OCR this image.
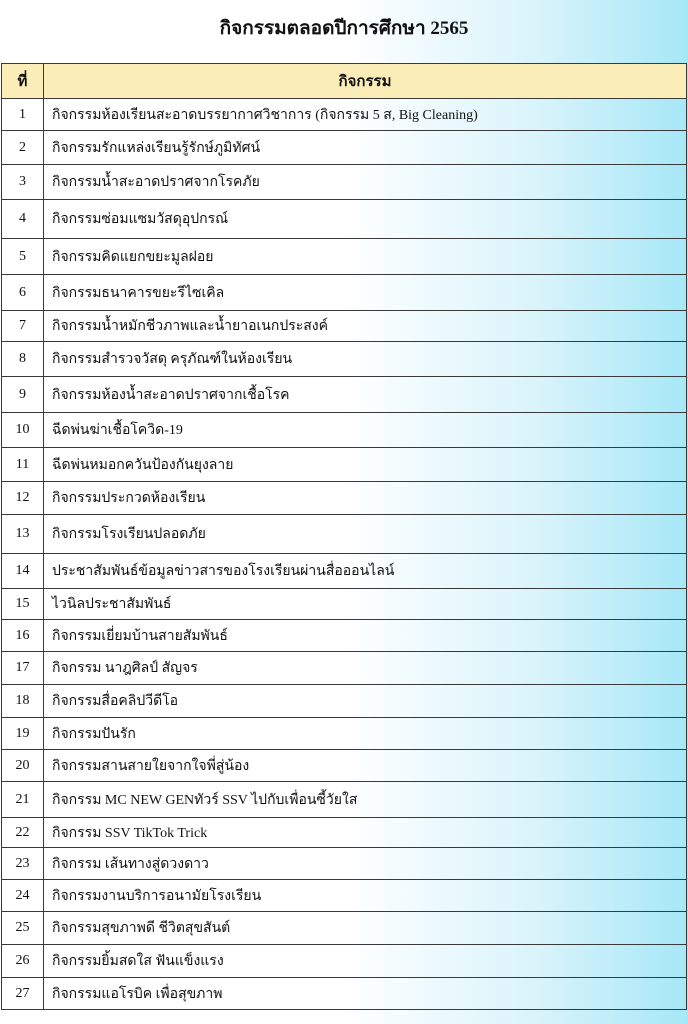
กิจกรรมตลอดปีการศึกษา 2565
ที่	กิจกรรม
1	กิจกรรมห้องเรียนสะอาดบรรยากาศวิชาการ (กิจกรรม 5 ส, Big Cleaning)
2	กิจกรรมรักแหล่งเรียนรู้รักษ์ภูมิทัศน์
3	กิจกรรมน้ำสะอาดปราศจากโรคภัย
4	กิจกรรมซ่อมแซมวัสดุอุปกรณ์
5	กิจกรรมคิดแยกขยะมูลฝอย
6	กิจกรรมธนาคารขยะรีไซเคิล
7	กิจกรรมน้ำหมักชีวภาพและน้ำยาอเนกประสงค์
8	กิจกรรมสำรวจวัสดุ ครุภัณฑ์ในห้องเรียน
9	กิจกรรมห้องน้ำสะอาดปราศจากเชื้อโรค
10	ฉีดพ่นฆ่าเชื้อโควิด-19
11	ฉีดพ่นหมอกควันป้องกันยุงลาย
12	กิจกรรมประกวดห้องเรียน
13	กิจกรรมโรงเรียนปลอดภัย
14	ประชาสัมพันธ์ข้อมูลข่าวสารของโรงเรียนผ่านสื่อออนไลน์
15	ไวนิลประชาสัมพันธ์
16	กิจกรรมเยี่ยมบ้านสายสัมพันธ์
17	กิจกรรม นาฎศิลป์ สัญจร
18	กิจกรรมสื่อคลิปวีดีโอ
19	กิจกรรมปันรัก
20	กิจกรรมสานสายใยจากใจพี่สู่น้อง
21	กิจกรรม MC NEW GENทัวร์ SSV ไปกับเพื่อนซี้วัยใส
22	กิจกรรม SSV TikTok Trick
23	กิจกรรม เส้นทางสู่ดวงดาว
24	กิจกรรมงานบริการอนามัยโรงเรียน
25	กิจกรรมสุขภาพดี ชีวิตสุขสันต์
26	กิจกรรมยิ้มสดใส ฟันแข็งแรง
27	กิจกรรมแอโรบิค เพื่อสุขภาพ
